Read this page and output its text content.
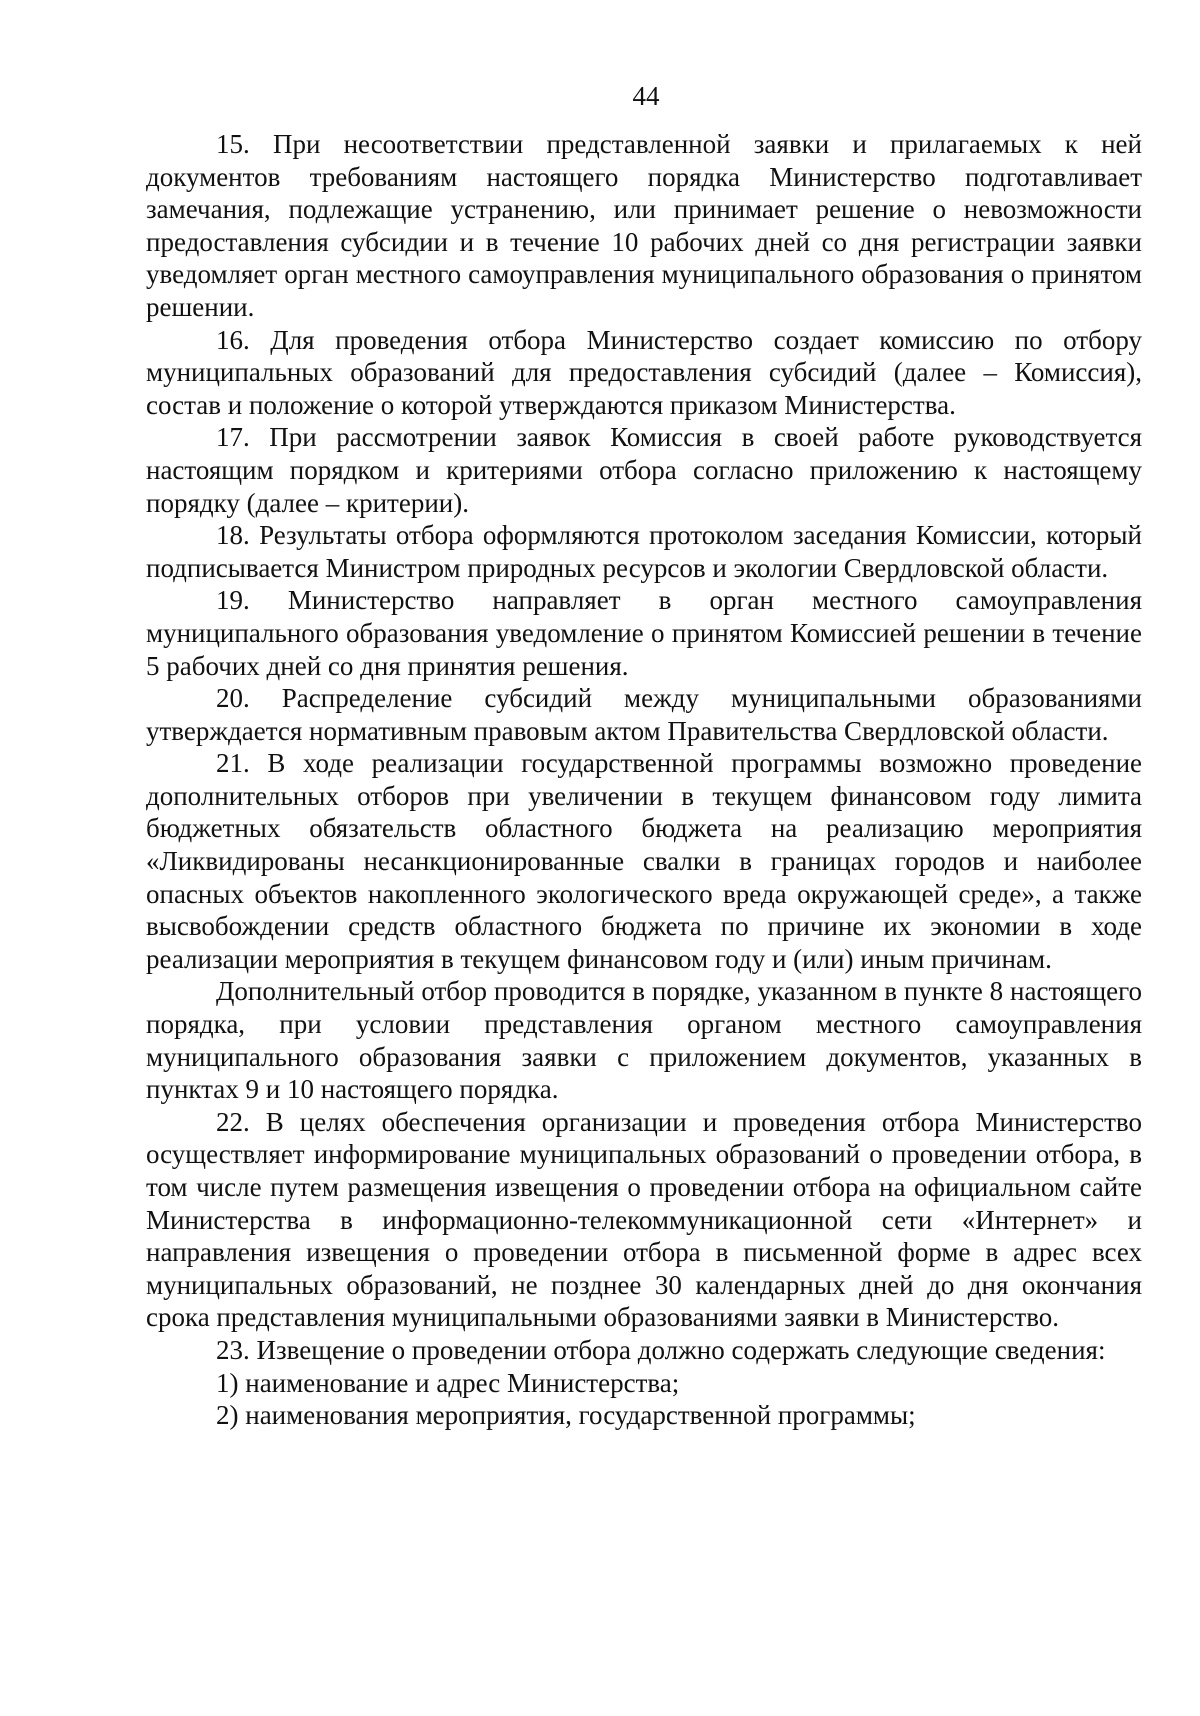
44

15. При несоответствии представленной заявки и прилагаемых к ней документов требованиям настоящего порядка Министерство подготавливает замечания, подлежащие устранению, или принимает решение о невозможности предоставления субсидии и в течение 10 рабочих дней со дня регистрации заявки уведомляет орган местного самоуправления муниципального образования о принятом решении.

16. Для проведения отбора Министерство создает комиссию по отбору муниципальных образований для предоставления субсидий (далее – Комиссия), состав и положение о которой утверждаются приказом Министерства.

17. При рассмотрении заявок Комиссия в своей работе руководствуется настоящим порядком и критериями отбора согласно приложению к настоящему порядку (далее – критерии).

18. Результаты отбора оформляются протоколом заседания Комиссии, который подписывается Министром природных ресурсов и экологии Свердловской области.

19. Министерство направляет в орган местного самоуправления муниципального образования уведомление о принятом Комиссией решении в течение 5 рабочих дней со дня принятия решения.

20. Распределение субсидий между муниципальными образованиями утверждается нормативным правовым актом Правительства Свердловской области.

21. В ходе реализации государственной программы возможно проведение дополнительных отборов при увеличении в текущем финансовом году лимита бюджетных обязательств областного бюджета на реализацию мероприятия «Ликвидированы несанкционированные свалки в границах городов и наиболее опасных объектов накопленного экологического вреда окружающей среде», а также высвобождении средств областного бюджета по причине их экономии в ходе реализации мероприятия в текущем финансовом году и (или) иным причинам.

Дополнительный отбор проводится в порядке, указанном в пункте 8 настоящего порядка, при условии представления органом местного самоуправления муниципального образования заявки с приложением документов, указанных в пунктах 9 и 10 настоящего порядка.

22. В целях обеспечения организации и проведения отбора Министерство осуществляет информирование муниципальных образований о проведении отбора, в том числе путем размещения извещения о проведении отбора на официальном сайте Министерства в информационно-телекоммуникационной сети «Интернет» и направления извещения о проведении отбора в письменной форме в адрес всех муниципальных образований, не позднее 30 календарных дней до дня окончания срока представления муниципальными образованиями заявки в Министерство.

23. Извещение о проведении отбора должно содержать следующие сведения:

1) наименование и адрес Министерства;

2) наименования мероприятия, государственной программы;
